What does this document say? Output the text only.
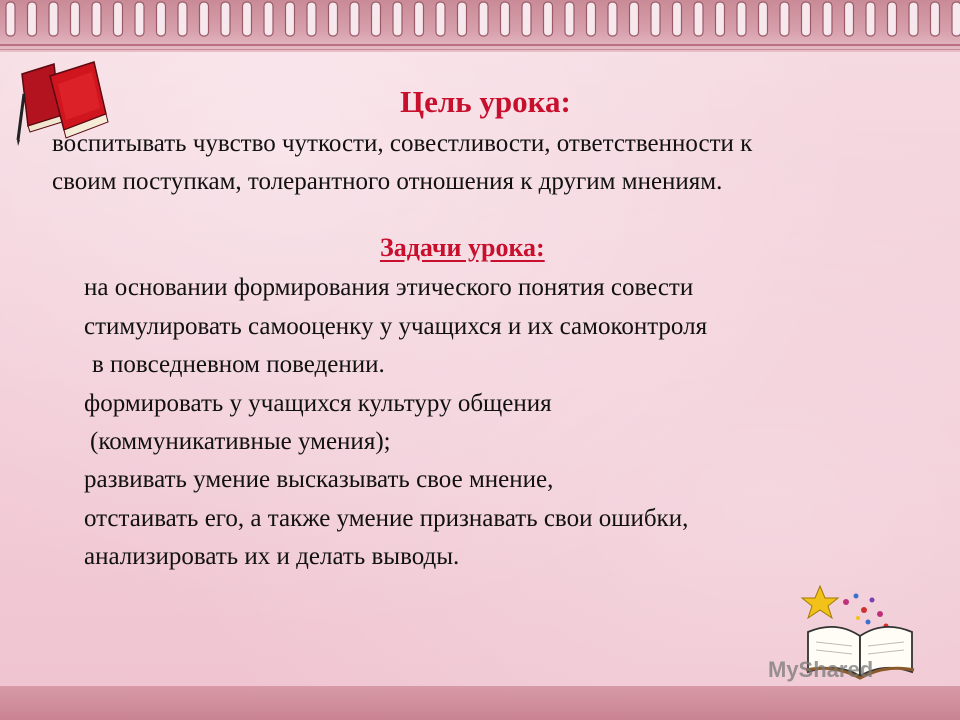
Цель урока:
воспитывать чувство чуткости, совестливости, ответственности к
своим поступкам, толерантного отношения к другим мнениям.
Задачи урока:
на основании формирования этического понятия совести
стимулировать самооценку у учащихся и их самоконтроля
в повседневном поведении.
формировать у учащихся культуру общения
(коммуникативные умения);
развивать умение высказывать свое мнение,
отстаивать его, а также умение признавать свои ошибки,
анализировать их и делать выводы.
MyShared
